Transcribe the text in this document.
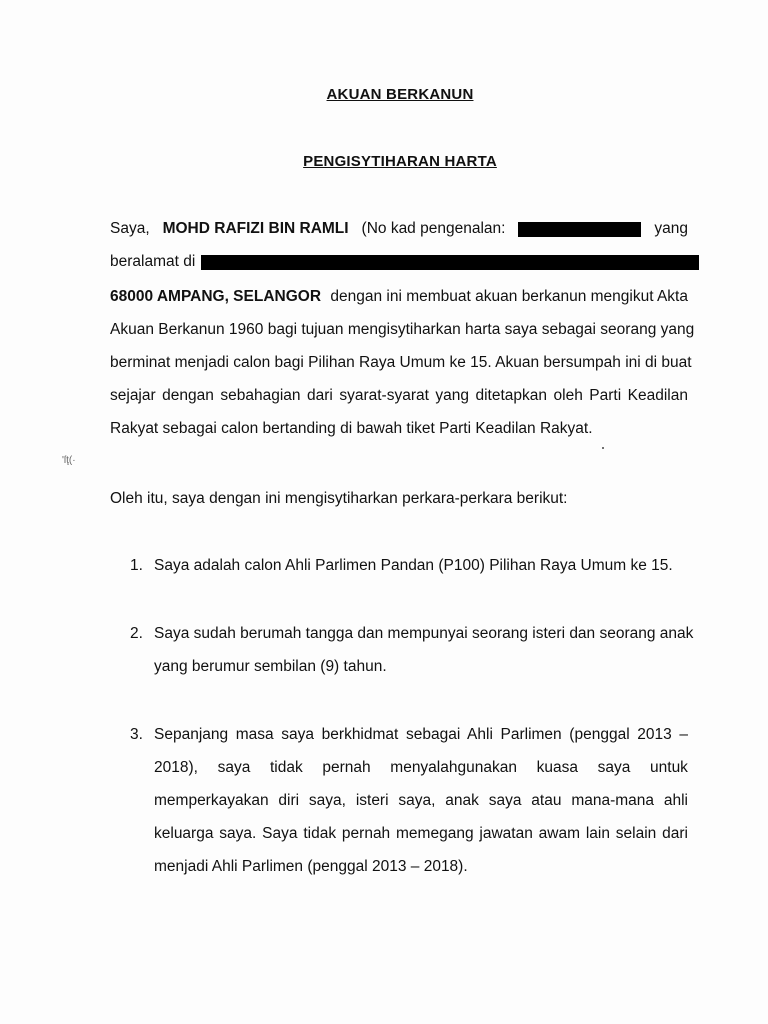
AKUAN BERKANUN
PENGISYTIHARAN HARTA
Saya, MOHD RAFIZI BIN RAMLI (No kad pengenalan:	yang
beralamat di
68000 AMPANG, SELANGOR dengan ini membuat akuan berkanun mengikut Akta
Akuan Berkanun 1960 bagi tujuan mengisytiharkan harta saya sebagai seorang yang
berminat menjadi calon bagi Pilihan Raya Umum ke 15. Akuan bersumpah ini di buat
sejajar dengan sebahagian dari syarat-syarat yang ditetapkan oleh Parti Keadilan
Rakyat sebagai calon bertanding di bawah tiket Parti Keadilan Rakyat.
'ſţ(·
Oleh itu, saya dengan ini mengisytiharkan perkara-perkara berikut:
1. Saya adalah calon Ahli Parlimen Pandan (P100) Pilihan Raya Umum ke 15.
2. Saya sudah berumah tangga dan mempunyai seorang isteri dan seorang anak
yang berumur sembilan (9) tahun.
3. Sepanjang masa saya berkhidmat sebagai Ahli Parlimen (penggal 2013 –
2018), saya tidak pernah menyalahgunakan kuasa saya untuk
memperkayakan diri saya, isteri saya, anak saya atau mana-mana ahli
keluarga saya. Saya tidak pernah memegang jawatan awam lain selain dari
menjadi Ahli Parlimen (penggal 2013 – 2018).
